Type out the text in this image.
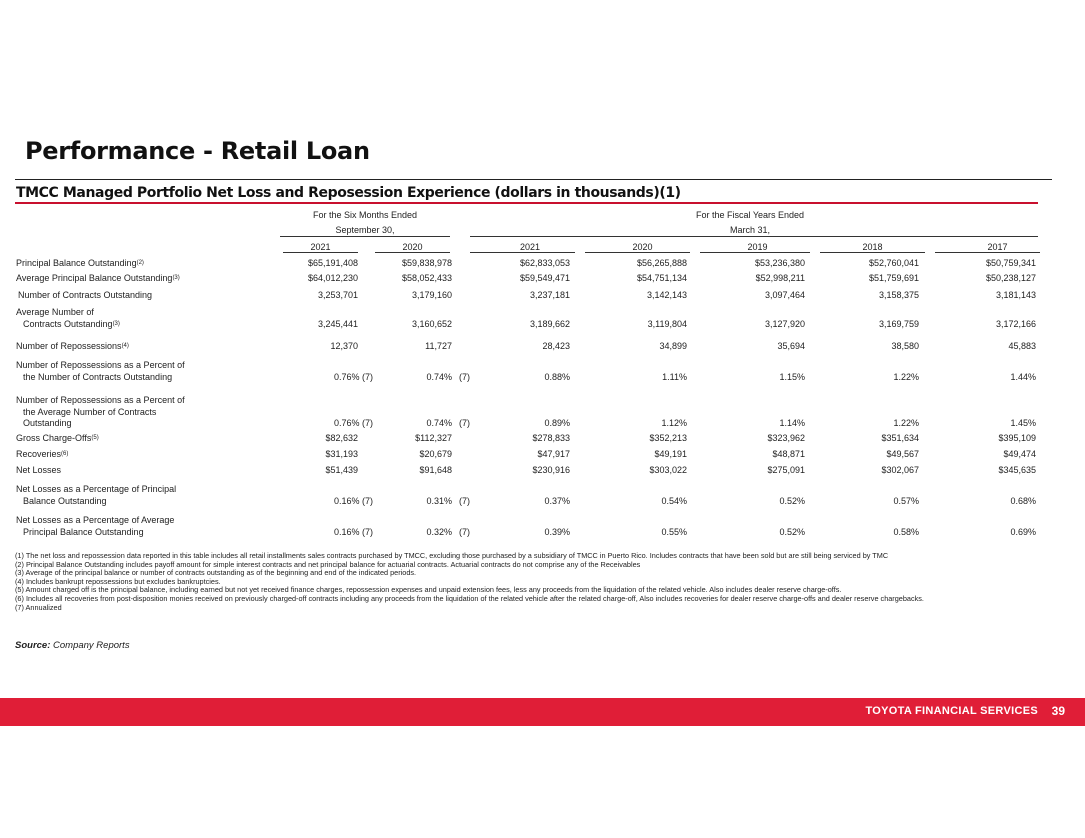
Performance - Retail Loan
TMCC Managed Portfolio Net Loss and Reposession Experience (dollars in thousands)(1)
For the Six Months Ended
September 30,
For the Fiscal Years Ended
March 31,
2021	2020	2021	2020	2019	2018	2017
Principal Balance Outstanding$^{(2)}$	$65,191,408	$59,838,978	$62,833,053	$56,265,888	$53,236,380	$52,760,041	$50,759,341
Average Principal Balance Outstanding$^{(3)}$	$64,012,230	$58,052,433	$59,549,471	$54,751,134	$52,998,211	$51,759,691	$50,238,127
Number of Contracts Outstanding	3,253,701	3,179,160	3,237,181	3,142,143	3,097,464	3,158,375	3,181,143
Average Number of
Contracts Outstanding$^{(3)}$	3,245,441	3,160,652	3,189,662	3,119,804	3,127,920	3,169,759	3,172,166
Number of Repossessions$^{(4)}$	12,370	11,727	28,423	34,899	35,694	38,580	45,883
Number of Repossessions as a Percent of
the Number of Contracts Outstanding	0.76% (7)	0.74% (7)	0.88%	1.11%	1.15%	1.22%	1.44%
Number of Repossessions as a Percent of
the Average Number of Contracts
Outstanding	0.76% (7)	0.74% (7)	0.89%	1.12%	1.14%	1.22%	1.45%
Gross Charge-Offs$^{(5)}$	$82,632	$112,327	$278,833	$352,213	$323,962	$351,634	$395,109
Recoveries$^{(6)}$	$31,193	$20,679	$47,917	$49,191	$48,871	$49,567	$49,474
Net Losses	$51,439	$91,648	$230,916	$303,022	$275,091	$302,067	$345,635
Net Losses as a Percentage of Principal
Balance Outstanding	0.16% (7)	0.31% (7)	0.37%	0.54%	0.52%	0.57%	0.68%
Net Losses as a Percentage of Average
Principal Balance Outstanding	0.16% (7)	0.32% (7)	0.39%	0.55%	0.52%	0.58%	0.69%
(1) The net loss and repossession data reported in this table includes all retail installments sales contracts purchased by TMCC, excluding those purchased by a subsidiary of TMCC in Puerto Rico. Includes contracts that have been sold but are still being serviced by TMC
(2) Principal Balance Outstanding includes payoff amount for simple interest contracts and net principal balance for actuarial contracts. Actuarial contracts do not comprise any of the Receivables
(3) Average of the principal balance or number of contracts outstanding as of the beginning and end of the indicated periods.
(4) Includes bankrupt repossessions but excludes bankruptcies.
(5) Amount charged off is the principal balance, including earned but not yet received finance charges, repossession expenses and unpaid extension fees, less any proceeds from the liquidation of the related vehicle. Also includes dealer reserve charge-offs.
(6) Includes all recoveries from post-disposition monies received on previously charged-off contracts including any proceeds from the liquidation of the related vehicle after the related charge-off, Also includes recoveries for dealer reserve charge-offs and dealer reserve chargebacks.
(7) Annualized
Source: Company Reports
TOYOTA FINANCIAL SERVICES 39
